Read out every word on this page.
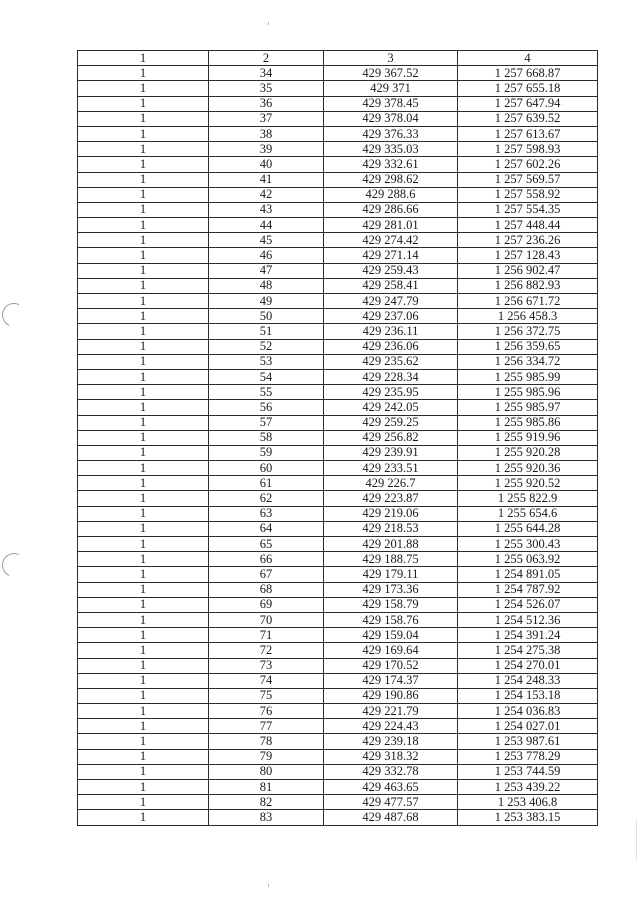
1	2	3	4
1	34	429 367.52	1 257 668.87
1	35	429 371	1 257 655.18
1	36	429 378.45	1 257 647.94
1	37	429 378.04	1 257 639.52
1	38	429 376.33	1 257 613.67
1	39	429 335.03	1 257 598.93
1	40	429 332.61	1 257 602.26
1	41	429 298.62	1 257 569.57
1	42	429 288.6	1 257 558.92
1	43	429 286.66	1 257 554.35
1	44	429 281.01	1 257 448.44
1	45	429 274.42	1 257 236.26
1	46	429 271.14	1 257 128.43
1	47	429 259.43	1 256 902.47
1	48	429 258.41	1 256 882.93
1	49	429 247.79	1 256 671.72
1	50	429 237.06	1 256 458.3
1	51	429 236.11	1 256 372.75
1	52	429 236.06	1 256 359.65
1	53	429 235.62	1 256 334.72
1	54	429 228.34	1 255 985.99
1	55	429 235.95	1 255 985.96
1	56	429 242.05	1 255 985.97
1	57	429 259.25	1 255 985.86
1	58	429 256.82	1 255 919.96
1	59	429 239.91	1 255 920.28
1	60	429 233.51	1 255 920.36
1	61	429 226.7	1 255 920.52
1	62	429 223.87	1 255 822.9
1	63	429 219.06	1 255 654.6
1	64	429 218.53	1 255 644.28
1	65	429 201.88	1 255 300.43
1	66	429 188.75	1 255 063.92
1	67	429 179.11	1 254 891.05
1	68	429 173.36	1 254 787.92
1	69	429 158.79	1 254 526.07
1	70	429 158.76	1 254 512.36
1	71	429 159.04	1 254 391.24
1	72	429 169.64	1 254 275.38
1	73	429 170.52	1 254 270.01
1	74	429 174.37	1 254 248.33
1	75	429 190.86	1 254 153.18
1	76	429 221.79	1 254 036.83
1	77	429 224.43	1 254 027.01
1	78	429 239.18	1 253 987.61
1	79	429 318.32	1 253 778.29
1	80	429 332.78	1 253 744.59
1	81	429 463.65	1 253 439.22
1	82	429 477.57	1 253 406.8
1	83	429 487.68	1 253 383.15
